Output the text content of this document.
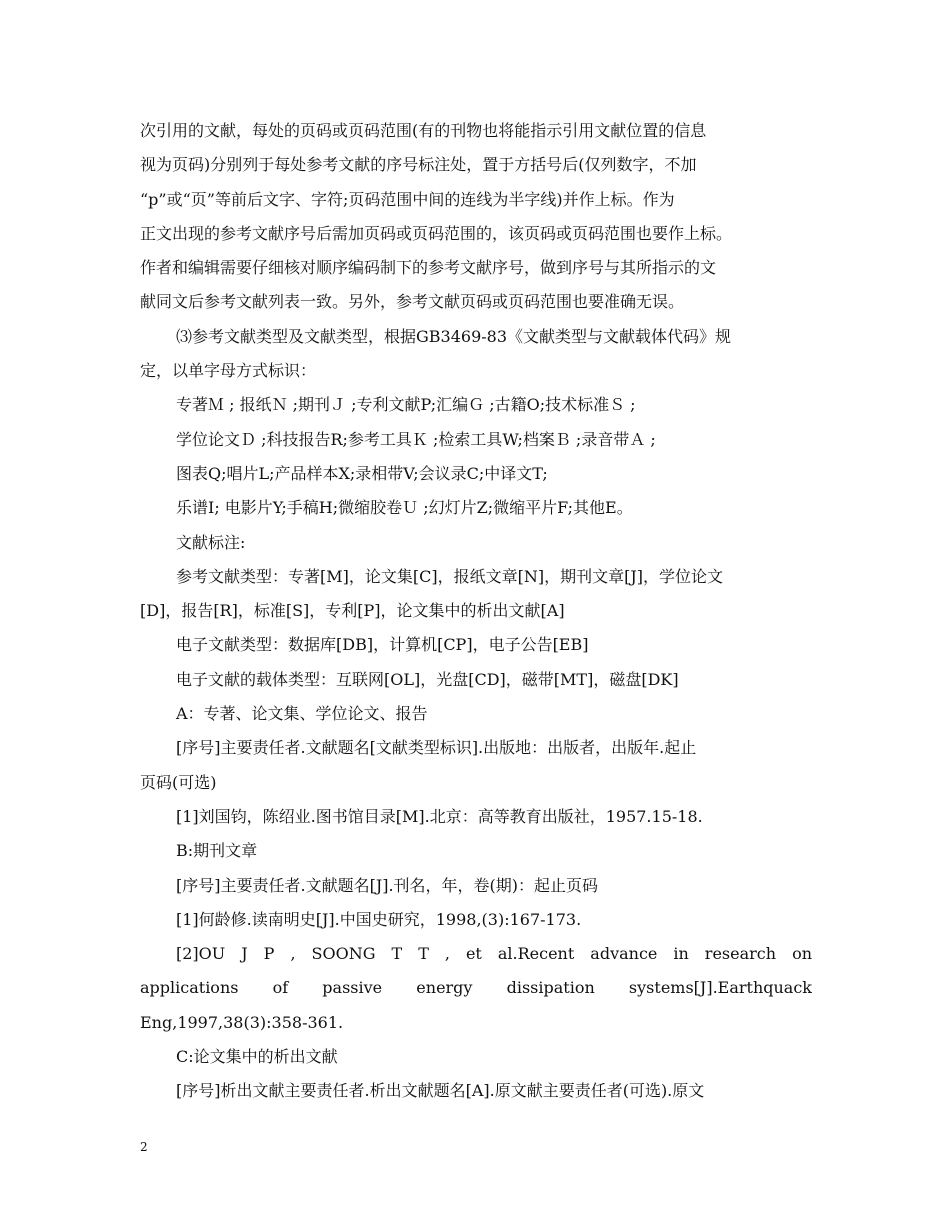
次引用的文献，每处的页码或页码范围(有的刊物也将能指示引用文献位置的信息
视为页码)分别列于每处参考文献的序号标注处，置于方括号后(仅列数字，不加
“p”或“页”等前后文字、字符;页码范围中间的连线为半字线)并作上标。作为
正文出现的参考文献序号后需加页码或页码范围的，该页码或页码范围也要作上标。
作者和编辑需要仔细核对顺序编码制下的参考文献序号，做到序号与其所指示的文
献同文后参考文献列表一致。另外，参考文献页码或页码范围也要准确无误。
⑶参考文献类型及文献类型，根据GB3469-83《文献类型与文献载体代码》规
定，以单字母方式标识：
专著Ｍ ; 报纸Ｎ ;期刊Ｊ ;专利文献P;汇编Ｇ ;古籍O;技术标准Ｓ ;
学位论文Ｄ ;科技报告R;参考工具Ｋ ;检索工具W;档案Ｂ ;录音带Ａ ;
图表Q;唱片L;产品样本X;录相带V;会议录C;中译文T;
乐谱I; 电影片Y;手稿H;微缩胶卷Ｕ ;幻灯片Z;微缩平片F;其他E。
文献标注:
参考文献类型：专著[M]，论文集[C]，报纸文章[N]，期刊文章[J]，学位论文
[D]，报告[R]，标准[S]，专利[P]，论文集中的析出文献[A]
电子文献类型：数据库[DB]，计算机[CP]，电子公告[EB]
电子文献的载体类型：互联网[OL]，光盘[CD]，磁带[MT]，磁盘[DK]
A：专著、论文集、学位论文、报告
[序号]主要责任者.文献题名[文献类型标识].出版地：出版者，出版年.起止
页码(可选)
[1]刘国钧，陈绍业.图书馆目录[M].北京：高等教育出版社，1957.15-18.
B:期刊文章
[序号]主要责任者.文献题名[J].刊名，年，卷(期)：起止页码
[1]何龄修.读南明史[J].中国史研究，1998,(3):167-173.
[2]OU J P , SOONG T T , et al.Recent advance in research on
applications of passive energy dissipation systems[J].Earthquack
Eng,1997,38(3):358-361.
C:论文集中的析出文献
[序号]析出文献主要责任者.析出文献题名[A].原文献主要责任者(可选).原文
2
